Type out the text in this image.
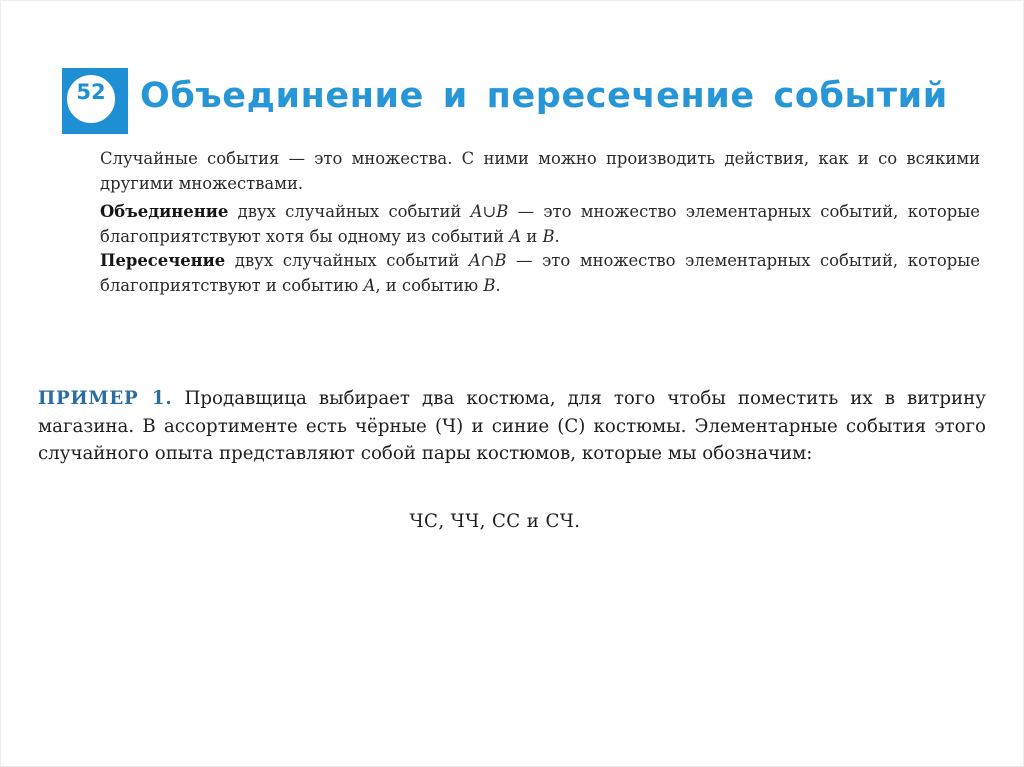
52 Объединение и пересечение событий
Случайные события — это множества. С ними можно производить действия, как и со всякими другими множествами.
Объединение двух случайных событий A∪B — это множество элементарных событий, которые благоприятствуют хотя бы одному из событий A и B.
Пересечение двух случайных событий A∩B — это множество элементарных событий, которые благоприятствуют и событию A, и событию B.
ПРИМЕР 1. Продавщица выбирает два костюма, для того чтобы поместить их в витрину магазина. В ассортименте есть чёрные (Ч) и синие (С) костюмы. Элементарные события этого случайного опыта представляют собой пары костюмов, которые мы обозначим:
ЧС, ЧЧ, СС и СЧ.
